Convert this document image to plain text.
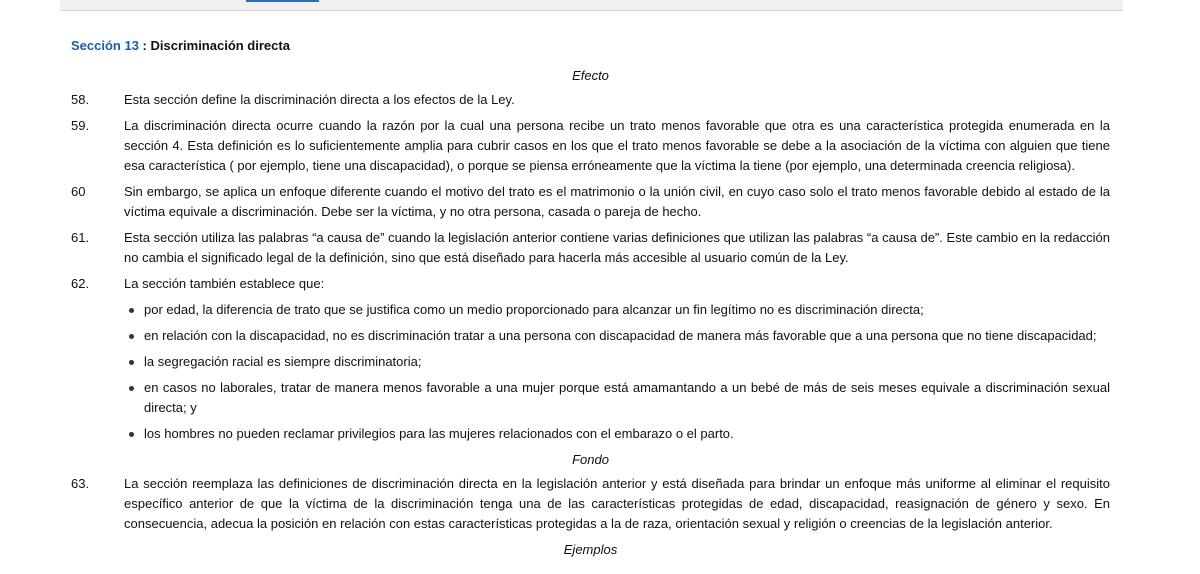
Sección 13 : Discriminación directa
Efecto
58.	Esta sección define la discriminación directa a los efectos de la Ley.
59.	La discriminación directa ocurre cuando la razón por la cual una persona recibe un trato menos favorable que otra es una característica protegida enumerada en la sección 4. Esta definición es lo suficientemente amplia para cubrir casos en los que el trato menos favorable se debe a la asociación de la víctima con alguien que tiene esa característica ( por ejemplo, tiene una discapacidad), o porque se piensa erróneamente que la víctima la tiene (por ejemplo, una determinada creencia religiosa).
60	Sin embargo, se aplica un enfoque diferente cuando el motivo del trato es el matrimonio o la unión civil, en cuyo caso solo el trato menos favorable debido al estado de la víctima equivale a discriminación. Debe ser la víctima, y no otra persona, casada o pareja de hecho.
61.	Esta sección utiliza las palabras “a causa de” cuando la legislación anterior contiene varias definiciones que utilizan las palabras “a causa de”. Este cambio en la redacción no cambia el significado legal de la definición, sino que está diseñado para hacerla más accesible al usuario común de la Ley.
62.	La sección también establece que:
por edad, la diferencia de trato que se justifica como un medio proporcionado para alcanzar un fin legítimo no es discriminación directa;
en relación con la discapacidad, no es discriminación tratar a una persona con discapacidad de manera más favorable que a una persona que no tiene discapacidad;
la segregación racial es siempre discriminatoria;
en casos no laborales, tratar de manera menos favorable a una mujer porque está amamantando a un bebé de más de seis meses equivale a discriminación sexual directa; y
los hombres no pueden reclamar privilegios para las mujeres relacionados con el embarazo o el parto.
Fondo
63.	La sección reemplaza las definiciones de discriminación directa en la legislación anterior y está diseñada para brindar un enfoque más uniforme al eliminar el requisito específico anterior de que la víctima de la discriminación tenga una de las características protegidas de edad, discapacidad, reasignación de género y sexo. En consecuencia, adecua la posición en relación con estas características protegidas a la de raza, orientación sexual y religión o creencias de la legislación anterior.
Ejemplos
